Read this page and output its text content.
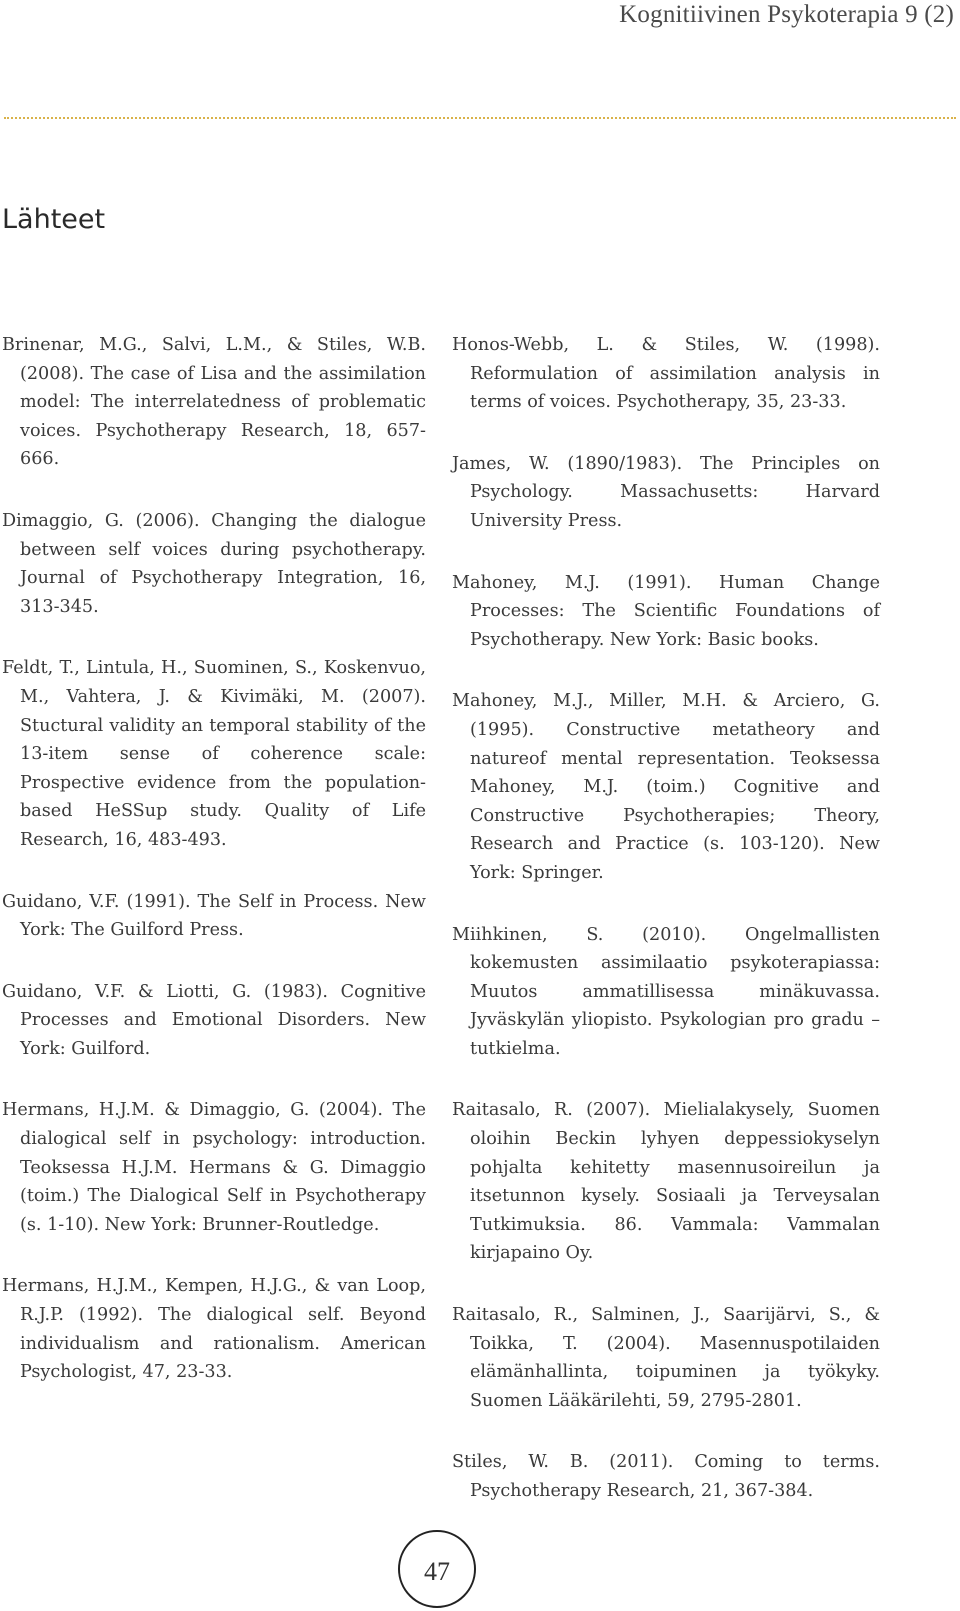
Kognitiivinen Psykoterapia 9 (2)
Lähteet

Brinenar, M.G., Salvi, L.M., & Stiles, W.B. (2008). The case of Lisa and the assimilation model: The interrelatedness of problematic voices. Psychotherapy Research, 18, 657-666.

Dimaggio, G. (2006). Changing the dialogue between self voices during psychotherapy. Journal of Psychotherapy Integration, 16, 313-345.

Feldt, T., Lintula, H., Suominen, S., Koskenvuo, M., Vahtera, J. & Kivimäki, M. (2007). Stuctural validity an temporal stability of the 13-item sense of coherence scale: Prospective evidence from the population-based HeSSup study. Quality of Life Research, 16, 483-493.

Guidano, V.F. (1991). The Self in Process. New York: The Guilford Press.

Guidano, V.F. & Liotti, G. (1983). Cognitive Processes and Emotional Disorders. New York: Guilford.

Hermans, H.J.M. & Dimaggio, G. (2004). The dialogical self in psychology: introduction. Teoksessa H.J.M. Hermans & G. Dimaggio (toim.) The Dialogical Self in Psychotherapy (s. 1-10). New York: Brunner-Routledge.

Hermans, H.J.M., Kempen, H.J.G., & van Loop, R.J.P. (1992). The dialogical self. Beyond individualism and rationalism. American Psychologist, 47, 23-33.

Honos-Webb, L. & Stiles, W. (1998). Reformulation of assimilation analysis in terms of voices. Psychotherapy, 35, 23-33.

James, W. (1890/1983). The Principles on Psychology. Massachusetts: Harvard University Press.

Mahoney, M.J. (1991). Human Change Processes: The Scientific Foundations of Psychotherapy. New York: Basic books.

Mahoney, M.J., Miller, M.H. & Arciero, G. (1995). Constructive metatheory and natureof mental representation. Teoksessa Mahoney, M.J. (toim.) Cognitive and Constructive Psychotherapies; Theory, Research and Practice (s. 103-120). New York: Springer.

Miihkinen, S. (2010). Ongelmallisten kokemusten assimilaatio psykoterapiassa: Muutos ammatillisessa minäkuvassa. Jyväskylän yliopisto. Psykologian pro gradu –tutkielma.

Raitasalo, R. (2007). Mielialakysely, Suomen oloihin Beckin lyhyen deppessiokyselyn pohjalta kehitetty masennusoireilun ja itsetunnon kysely. Sosiaali ja Terveysalan Tutkimuksia. 86. Vammala: Vammalan kirjapaino Oy.

Raitasalo, R., Salminen, J., Saarijärvi, S., & Toikka, T. (2004). Masennuspotilaiden elämänhallinta, toipuminen ja työkyky. Suomen Lääkärilehti, 59, 2795-2801.

Stiles, W. B. (2011). Coming to terms. Psychotherapy Research, 21, 367-384.

47
